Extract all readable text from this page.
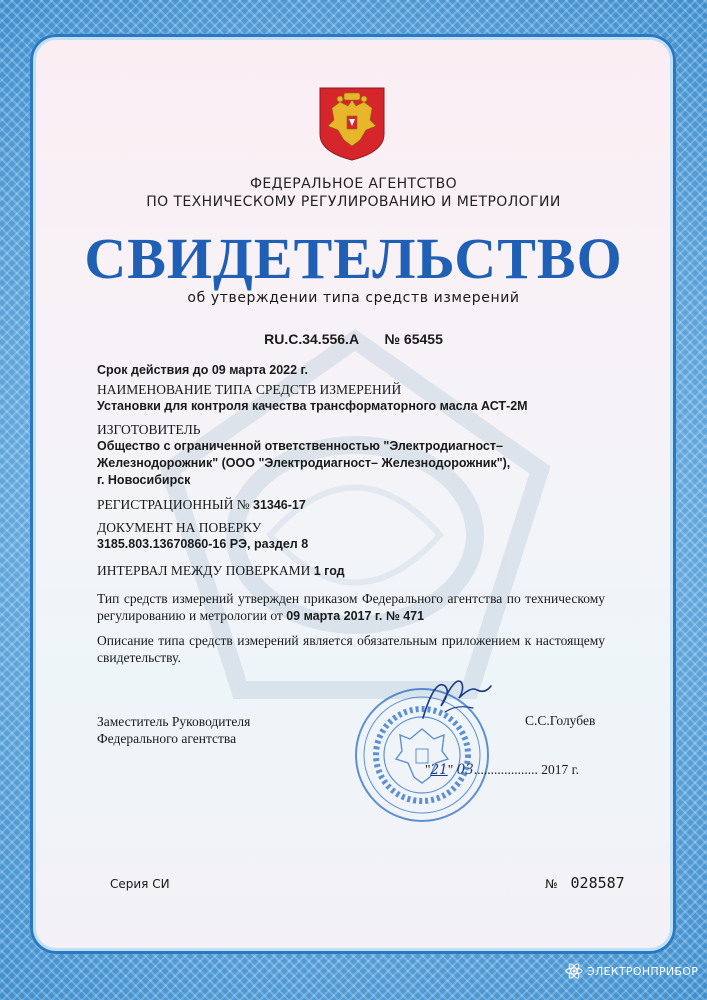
ФЕДЕРАЛЬНОЕ АГЕНТСТВО
ПО ТЕХНИЧЕСКОМУ РЕГУЛИРОВАНИЮ И МЕТРОЛОГИИ
СВИДЕТЕЛЬСТВО
об утверждении типа средств измерений
RU.C.34.556.A № 65455
Срок действия до 09 марта 2022 г.
НАИМЕНОВАНИЕ ТИПА СРЕДСТВ ИЗМЕРЕНИЙ
Установки для контроля качества трансформаторного масла АСТ-2М
ИЗГОТОВИТЕЛЬ
Общество с ограниченной ответственностью "Электродиагност–
Железнодорожник" (ООО "Электродиагност– Железнодорожник"),
г. Новосибирск
РЕГИСТРАЦИОННЫЙ № 31346-17
ДОКУМЕНТ НА ПОВЕРКУ
3185.803.13670860-16 РЭ, раздел 8
ИНТЕРВАЛ МЕЖДУ ПОВЕРКАМИ 1 год
Тип средств измерений утвержден приказом Федерального агентства по техническому регулированию и метрологии от 09 марта 2017 г. № 471
Описание типа средств измерений является обязательным приложением к настоящему свидетельству.
Заместитель Руководителя
Федерального агентства
С.С.Голубев
"21" 03................... 2017 г.
Серия СИ	№ 028587
ЭЛЕКТРОНПРИБОР
